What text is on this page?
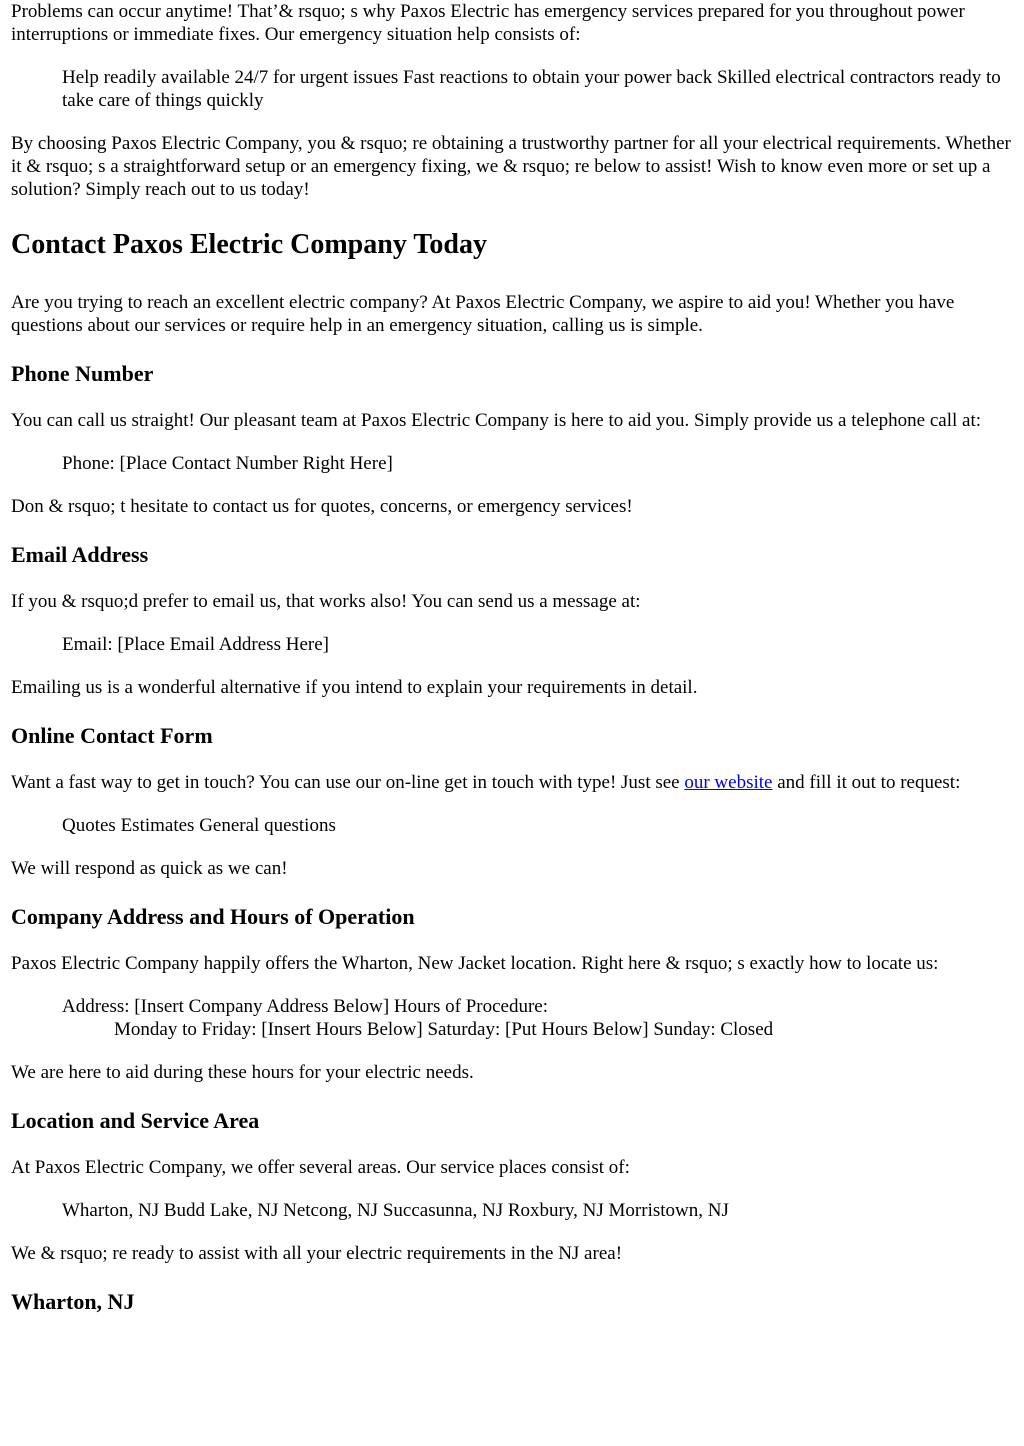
Problems can occur anytime! That’& rsquo; s why Paxos Electric has emergency services prepared for you throughout power interruptions or immediate fixes. Our emergency situation help consists of:

Help readily available 24/7 for urgent issues Fast reactions to obtain your power back Skilled electrical contractors ready to take care of things quickly

By choosing Paxos Electric Company, you & rsquo; re obtaining a trustworthy partner for all your electrical requirements. Whether it & rsquo; s a straightforward setup or an emergency fixing, we & rsquo; re below to assist! Wish to know even more or set up a solution? Simply reach out to us today!

Contact Paxos Electric Company Today

Are you trying to reach an excellent electric company? At Paxos Electric Company, we aspire to aid you! Whether you have questions about our services or require help in an emergency situation, calling us is simple.

Phone Number

You can call us straight! Our pleasant team at Paxos Electric Company is here to aid you. Simply provide us a telephone call at:

Phone: [Place Contact Number Right Here]

Don & rsquo; t hesitate to contact us for quotes, concerns, or emergency services!

Email Address

If you & rsquo;d prefer to email us, that works also! You can send us a message at:

Email: [Place Email Address Here]

Emailing us is a wonderful alternative if you intend to explain your requirements in detail.

Online Contact Form

Want a fast way to get in touch? You can use our on-line get in touch with type! Just see our website and fill it out to request:

Quotes Estimates General questions

We will respond as quick as we can!

Company Address and Hours of Operation

Paxos Electric Company happily offers the Wharton, New Jacket location. Right here & rsquo; s exactly how to locate us:

Address: [Insert Company Address Below] Hours of Procedure:
Monday to Friday: [Insert Hours Below] Saturday: [Put Hours Below] Sunday: Closed

We are here to aid during these hours for your electric needs.

Location and Service Area

At Paxos Electric Company, we offer several areas. Our service places consist of:

Wharton, NJ Budd Lake, NJ Netcong, NJ Succasunna, NJ Roxbury, NJ Morristown, NJ

We & rsquo; re ready to assist with all your electric requirements in the NJ area!

Wharton, NJ
